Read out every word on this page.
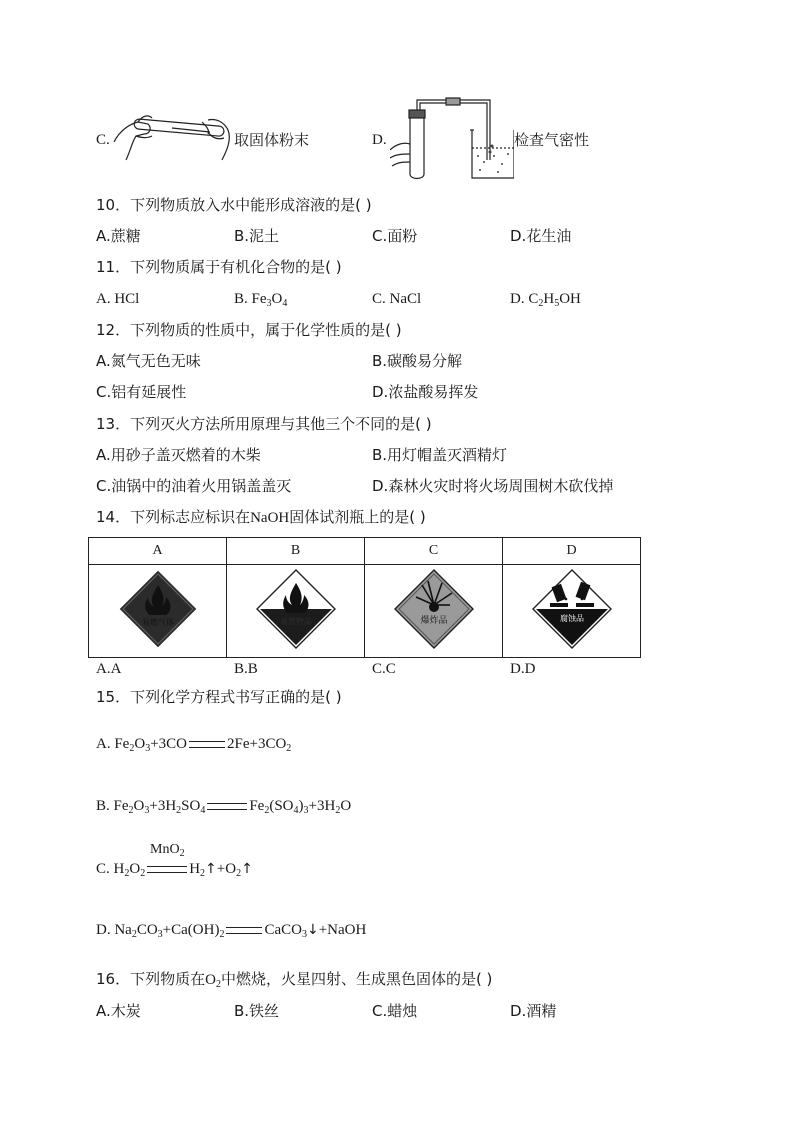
C.	取固体粉末	D.	检查气密性
10．下列物质放入水中能形成溶液的是( )
A.蔗糖	B.泥土	C.面粉	D.花生油
11．下列物质属于有机化合物的是( )
A. HCl	B. $Fe_3O_4$	C. NaCl	D. $C_2H_5OH$
12．下列物质的性质中，属于化学性质的是( )
A.氮气无色无味	B.碳酸易分解
C.铝有延展性	D.浓盐酸易挥发
13．下列灭火方法所用原理与其他三个不同的是( )
A.用砂子盖灭燃着的木柴	B.用灯帽盖灭酒精灯
C.油锅中的油着火用锅盖盖灭	D.森林火灾时将火场周围树木砍伐掉
14．下列标志应标识在NaOH固体试剂瓶上的是( )
A	B	C	D

易燃气体	易燃物品	爆炸品	腐蚀品
A.A	B.B	C.C	D.D
15．下列化学方程式书写正确的是( )
A. $Fe_2O_3+3CO$	$2Fe+3CO_2$
B. $Fe_2O_3+3H_2SO_4$	$Fe_2(SO_4)_3+3H_2O$
MnO$_2$
C. $H_2O_2$	$H_2↑+O_2↑$
D. $Na_2CO_3+Ca(OH)_2$	CaCO$_3$↓+NaOH
16．下列物质在$O_2$中燃烧，火星四射、生成黑色固体的是( )
A.木炭	B.铁丝	C.蜡烛	D.酒精
